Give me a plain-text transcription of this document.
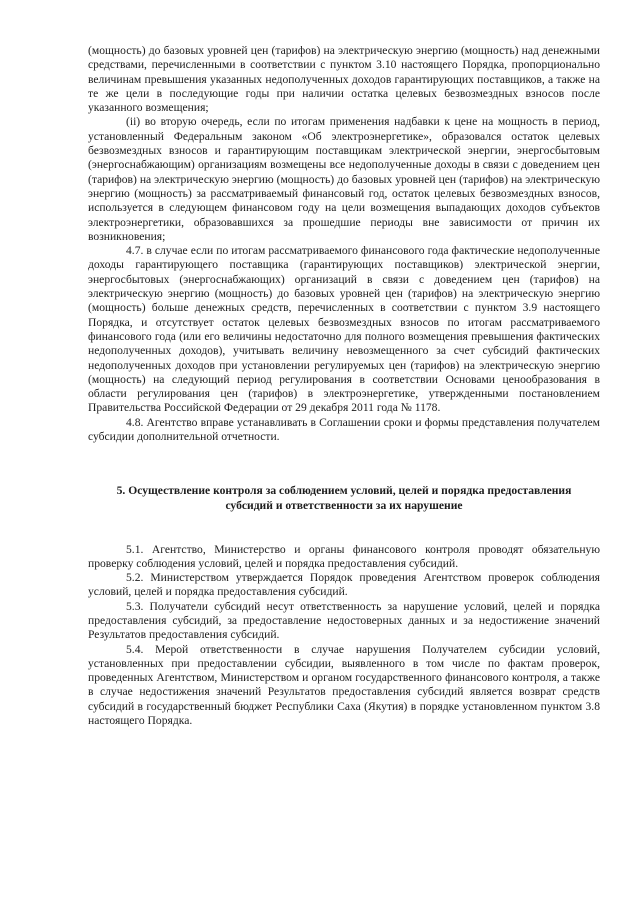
(мощность) до базовых уровней цен (тарифов) на электрическую энергию (мощность) над денежными средствами, перечисленными в соответствии с пунктом 3.10 настоящего Порядка, пропорционально величинам превышения указанных недополученных доходов гарантирующих поставщиков, а также на те же цели в последующие годы при наличии остатка целевых безвозмездных взносов после указанного возмещения;

(ii) во вторую очередь, если по итогам применения надбавки к цене на мощность в период, установленный Федеральным законом «Об электроэнергетике», образовался остаток целевых безвозмездных взносов и гарантирующим поставщикам электрической энергии, энергосбытовым (энергоснабжающим) организациям возмещены все недополученные доходы в связи с доведением цен (тарифов) на электрическую энергию (мощность) до базовых уровней цен (тарифов) на электрическую энергию (мощность) за рассматриваемый финансовый год, остаток целевых безвозмездных взносов, используется в следующем финансовом году на цели возмещения выпадающих доходов субъектов электроэнергетики, образовавшихся за прошедшие периоды вне зависимости от причин их возникновения;

4.7. в случае если по итогам рассматриваемого финансового года фактические недополученные доходы гарантирующего поставщика (гарантирующих поставщиков) электрической энергии, энергосбытовых (энергоснабжающих) организаций в связи с доведением цен (тарифов) на электрическую энергию (мощность) до базовых уровней цен (тарифов) на электрическую энергию (мощность) больше денежных средств, перечисленных в соответствии с пунктом 3.9 настоящего Порядка, и отсутствует остаток целевых безвозмездных взносов по итогам рассматриваемого финансового года (или его величины недостаточно для полного возмещения превышения фактических недополученных доходов), учитывать величину невозмещенного за счет субсидий фактических недополученных доходов при установлении регулируемых цен (тарифов) на электрическую энергию (мощность) на следующий период регулирования в соответствии Основами ценообразования в области регулирования цен (тарифов) в электроэнергетике, утвержденными постановлением Правительства Российской Федерации от 29 декабря 2011 года № 1178.

4.8. Агентство вправе устанавливать в Соглашении сроки и формы представления получателем субсидии дополнительной отчетности.

5. Осуществление контроля за соблюдением условий, целей и порядка предоставления
субсидий и ответственности за их нарушение

5.1. Агентство, Министерство и органы финансового контроля проводят обязательную проверку соблюдения условий, целей и порядка предоставления субсидий.

5.2. Министерством утверждается Порядок проведения Агентством проверок соблюдения условий, целей и порядка предоставления субсидий.

5.3. Получатели субсидий несут ответственность за нарушение условий, целей и порядка предоставления субсидий, за предоставление недостоверных данных и за недостижение значений Результатов предоставления субсидий.

5.4. Мерой ответственности в случае нарушения Получателем субсидии условий, установленных при предоставлении субсидии, выявленного в том числе по фактам проверок, проведенных Агентством, Министерством и органом государственного финансового контроля, а также в случае недостижения значений Результатов предоставления субсидий является возврат средств субсидий в государственный бюджет Республики Саха (Якутия) в порядке установленном пунктом 3.8 настоящего Порядка.
